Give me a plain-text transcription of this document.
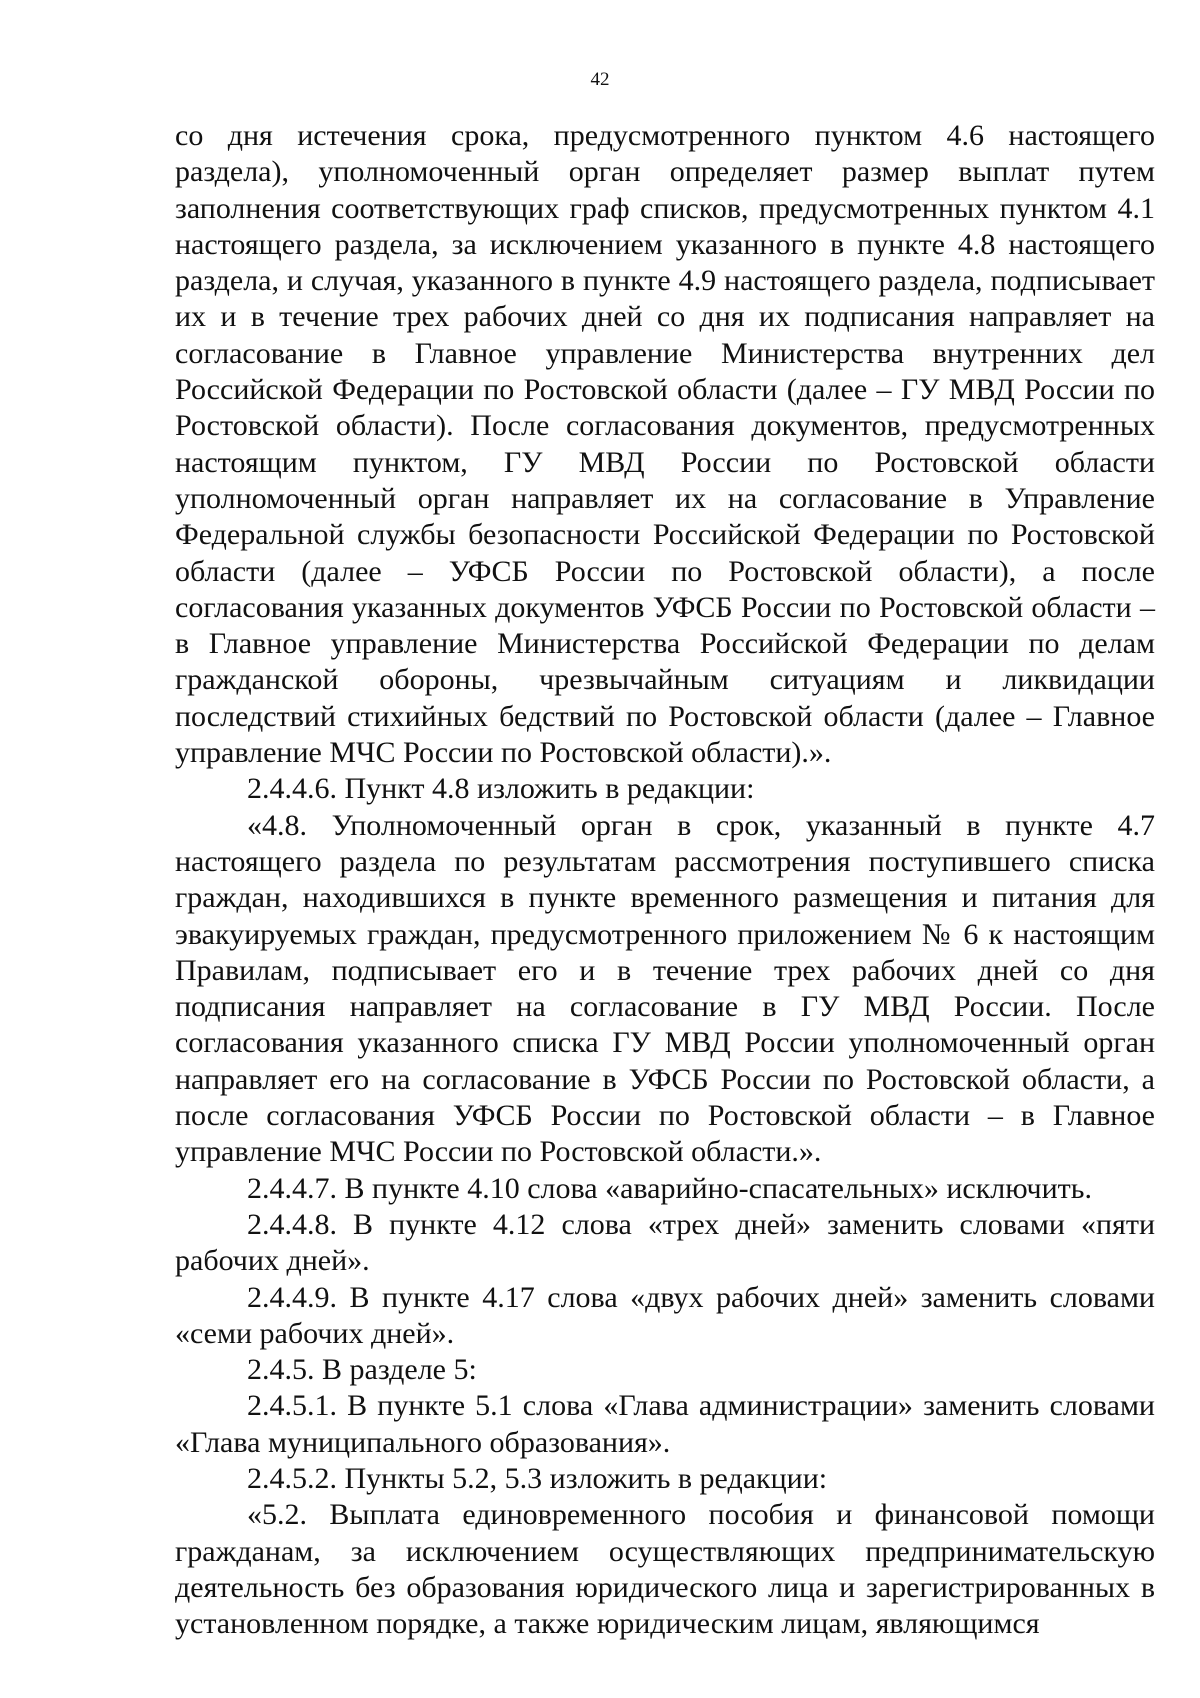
42

со дня истечения срока, предусмотренного пунктом 4.6 настоящего раздела), уполномоченный орган определяет размер выплат путем заполнения соответствующих граф списков, предусмотренных пунктом 4.1 настоящего раздела, за исключением указанного в пункте 4.8 настоящего раздела, и случая, указанного в пункте 4.9 настоящего раздела, подписывает их и в течение трех рабочих дней со дня их подписания направляет на согласование в Главное управление Министерства внутренних дел Российской Федерации по Ростовской области (далее – ГУ МВД России по Ростовской области). После согласования документов, предусмотренных настоящим пунктом, ГУ МВД России по Ростовской области уполномоченный орган направляет их на согласование в Управление Федеральной службы безопасности Российской Федерации по Ростовской области (далее – УФСБ России по Ростовской области), а после согласования указанных документов УФСБ России по Ростовской области – в Главное управление Министерства Российской Федерации по делам гражданской обороны, чрезвычайным ситуациям и ликвидации последствий стихийных бедствий по Ростовской области (далее – Главное управление МЧС России по Ростовской области).».

2.4.4.6. Пункт 4.8 изложить в редакции:

«4.8. Уполномоченный орган в срок, указанный в пункте 4.7 настоящего раздела по результатам рассмотрения поступившего списка граждан, находившихся в пункте временного размещения и питания для эвакуируемых граждан, предусмотренного приложением № 6 к настоящим Правилам, подписывает его и в течение трех рабочих дней со дня подписания направляет на согласование в ГУ МВД России. После согласования указанного списка ГУ МВД России уполномоченный орган направляет его на согласование в УФСБ России по Ростовской области, а после согласования УФСБ России по Ростовской области – в Главное управление МЧС России по Ростовской области.».

2.4.4.7. В пункте 4.10 слова «аварийно-спасательных» исключить.

2.4.4.8. В пункте 4.12 слова «трех дней» заменить словами «пяти рабочих дней».

2.4.4.9. В пункте 4.17 слова «двух рабочих дней» заменить словами «семи рабочих дней».

2.4.5. В разделе 5:

2.4.5.1. В пункте 5.1 слова «Глава администрации» заменить словами «Глава муниципального образования».

2.4.5.2. Пункты 5.2, 5.3 изложить в редакции:

«5.2. Выплата единовременного пособия и финансовой помощи гражданам, за исключением осуществляющих предпринимательскую деятельность без образования юридического лица и зарегистрированных в установленном порядке, а также юридическим лицам, являющимся
